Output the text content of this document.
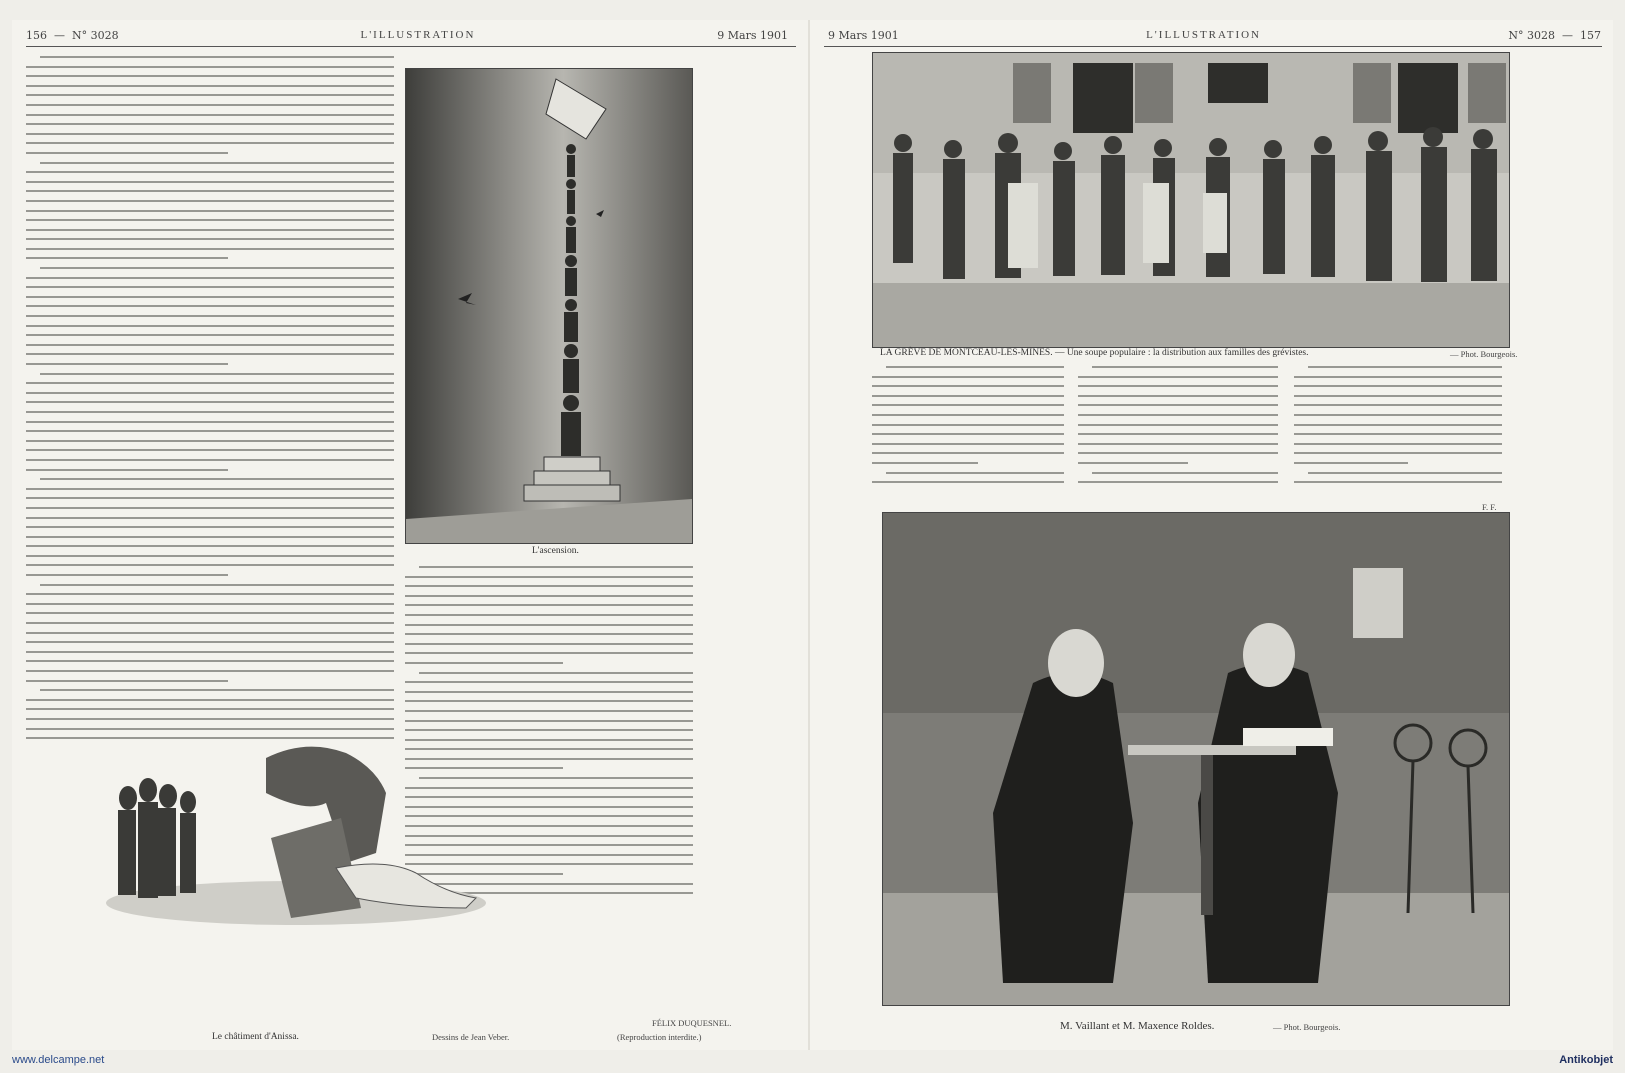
156  —  N° 3028	L'ILLUSTRATION	9 Mars 1901
L'ascension.
Le châtiment d'Anissa.	Dessins de Jean Veber.	(Reproduction interdite.)
FÉLIX DUQUESNEL.
9 Mars 1901	L'ILLUSTRATION	N° 3028  —  157
LA GRÈVE DE MONTCEAU-LES-MINES. — Une soupe populaire : la distribution aux familles des grévistes.	— Phot. Bourgeois.
F. F.
M. Vaillant et M. Maxence Roldes.	— Phot. Bourgeois.
www.delcampe.net	Antikobjet
